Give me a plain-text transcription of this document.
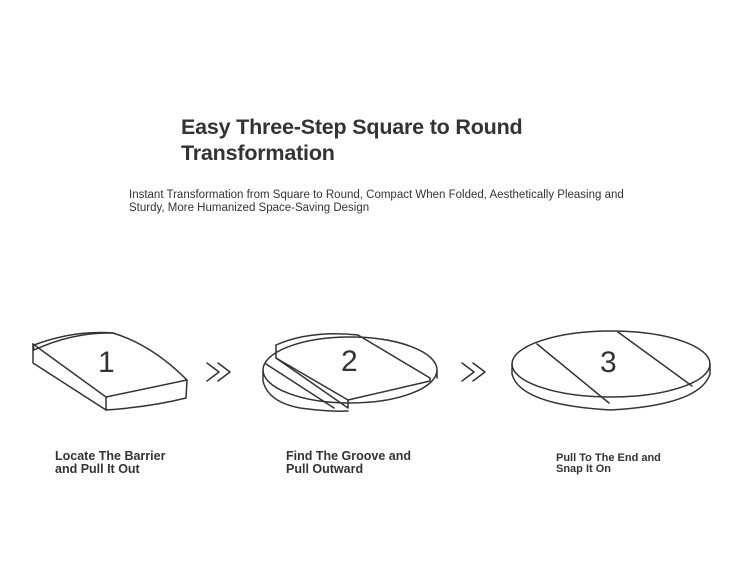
Easy Three-Step Square to Round Transformation
Instant Transformation from Square to Round, Compact When Folded, Aesthetically Pleasing and Sturdy, More Humanized Space-Saving Design
1	2	3
Locate The Barrier
and Pull It Out
Find The Groove and
Pull Outward
Pull To The End and
Snap It On
